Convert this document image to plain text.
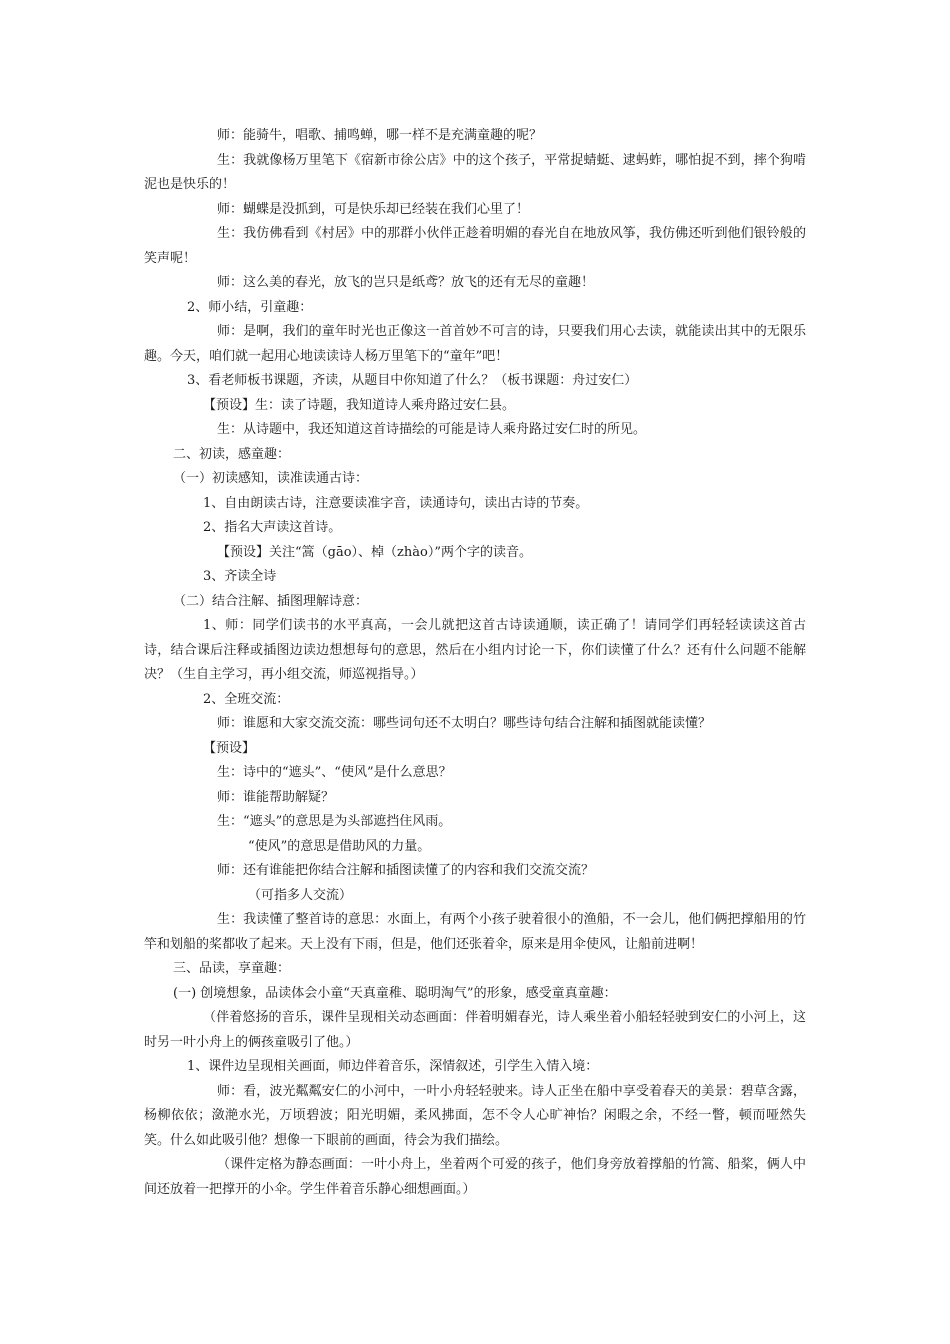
师：能骑牛，唱歌、捕鸣蝉，哪一样不是充满童趣的呢？

生：我就像杨万里笔下《宿新市徐公店》中的这个孩子，平常捉蜻蜓、逮蚂蚱，哪怕捉不到，摔个狗啃泥也是快乐的！

师：蝴蝶是没抓到，可是快乐却已经装在我们心里了！

生：我仿佛看到《村居》中的那群小伙伴正趁着明媚的春光自在地放风筝，我仿佛还听到他们银铃般的笑声呢！

师：这么美的春光，放飞的岂只是纸鸢？放飞的还有无尽的童趣！

2、师小结，引童趣：

师：是啊，我们的童年时光也正像这一首首妙不可言的诗，只要我们用心去读，就能读出其中的无限乐趣。今天，咱们就一起用心地读读诗人杨万里笔下的“童年”吧！

3、看老师板书课题，齐读，从题目中你知道了什么？（板书课题：舟过安仁）

【预设】生：读了诗题，我知道诗人乘舟路过安仁县。

生：从诗题中，我还知道这首诗描绘的可能是诗人乘舟路过安仁时的所见。

二、初读，感童趣：

（一）初读感知，读准读通古诗：

1、自由朗读古诗，注意要读准字音，读通诗句，读出古诗的节奏。

2、指名大声读这首诗。

【预设】关注“篙（gāo）、棹（zhào）”两个字的读音。

3、齐读全诗

（二）结合注解、插图理解诗意：

1、师：同学们读书的水平真高，一会儿就把这首古诗读通顺，读正确了！请同学们再轻轻读读这首古诗，结合课后注释或插图边读边想想每句的意思，然后在小组内讨论一下，你们读懂了什么？还有什么问题不能解决？（生自主学习，再小组交流，师巡视指导。）

2、全班交流：

师：谁愿和大家交流交流：哪些词句还不太明白？哪些诗句结合注解和插图就能读懂？

【预设】

生：诗中的“遮头”、“使风”是什么意思？

师：谁能帮助解疑？

生：“遮头”的意思是为头部遮挡住风雨。

“使风”的意思是借助风的力量。

师：还有谁能把你结合注解和插图读懂了的内容和我们交流交流？

（可指多人交流）

生：我读懂了整首诗的意思：水面上，有两个小孩子驶着很小的渔船，不一会儿，他们俩把撑船用的竹竿和划船的桨都收了起来。天上没有下雨，但是，他们还张着伞，原来是用伞使风，让船前进啊！

三、品读，享童趣：

(一) 创境想象，品读体会小童“天真童稚、聪明淘气”的形象，感受童真童趣：

（伴着悠扬的音乐，课件呈现相关动态画面：伴着明媚春光，诗人乘坐着小船轻轻驶到安仁的小河上，这时另一叶小舟上的俩孩童吸引了他。）

1、课件边呈现相关画面，师边伴着音乐，深情叙述，引学生入情入境：

师：看，波光粼粼安仁的小河中，一叶小舟轻轻驶来。诗人正坐在船中享受着春天的美景：碧草含露，杨柳依依；潋滟水光，万顷碧波；阳光明媚，柔风拂面，怎不令人心旷神怡？闲暇之余，不经一瞥，顿而哑然失笑。什么如此吸引他？想像一下眼前的画面，待会为我们描绘。

（课件定格为静态画面：一叶小舟上，坐着两个可爱的孩子，他们身旁放着撑船的竹篙、船桨，俩人中间还放着一把撑开的小伞。学生伴着音乐静心细想画面。）
